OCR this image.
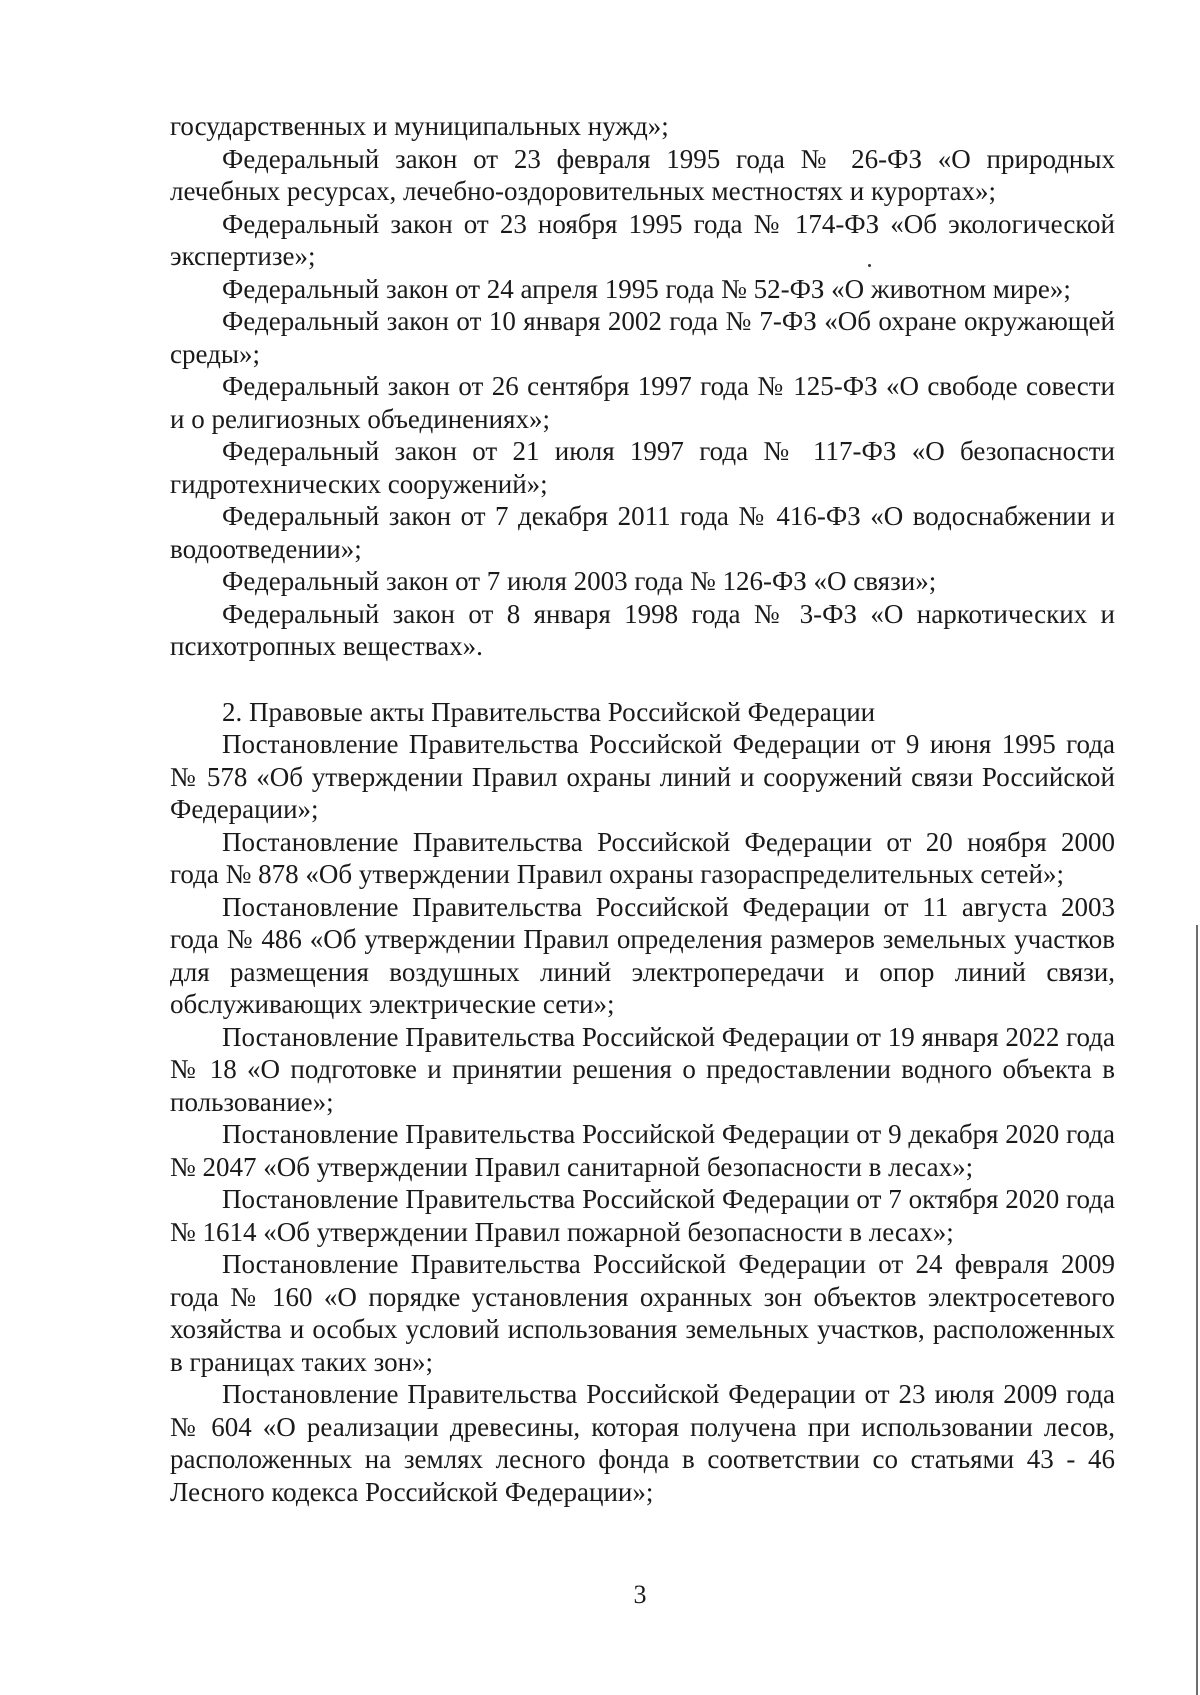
государственных и муниципальных нужд»;

Федеральный закон от 23 февраля 1995 года № 26-ФЗ «О природных лечебных ресурсах, лечебно-оздоровительных местностях и курортах»;

Федеральный закон от 23 ноября 1995 года № 174-ФЗ «Об экологической экспертизе»;

Федеральный закон от 24 апреля 1995 года № 52-ФЗ «О животном мире»;

Федеральный закон от 10 января 2002 года № 7-ФЗ «Об охране окружающей среды»;

Федеральный закон от 26 сентября 1997 года № 125-ФЗ «О свободе совести и о религиозных объединениях»;

Федеральный закон от 21 июля 1997 года № 117-ФЗ «О безопасности гидротехнических сооружений»;

Федеральный закон от 7 декабря 2011 года № 416-ФЗ «О водоснабжении и водоотведении»;

Федеральный закон от 7 июля 2003 года № 126-ФЗ «О связи»;

Федеральный закон от 8 января 1998 года № 3-ФЗ «О наркотических и психотропных веществах».

2. Правовые акты Правительства Российской Федерации

Постановление Правительства Российской Федерации от 9 июня 1995 года № 578 «Об утверждении Правил охраны линий и сооружений связи Российской Федерации»;

Постановление Правительства Российской Федерации от 20 ноября 2000 года № 878 «Об утверждении Правил охраны газораспределительных сетей»;

Постановление Правительства Российской Федерации от 11 августа 2003 года № 486 «Об утверждении Правил определения размеров земельных участков для размещения воздушных линий электропередачи и опор линий связи, обслуживающих электрические сети»;

Постановление Правительства Российской Федерации от 19 января 2022 года № 18 «О подготовке и принятии решения о предоставлении водного объекта в пользование»;

Постановление Правительства Российской Федерации от 9 декабря 2020 года № 2047 «Об утверждении Правил санитарной безопасности в лесах»;

Постановление Правительства Российской Федерации от 7 октября 2020 года № 1614 «Об утверждении Правил пожарной безопасности в лесах»;

Постановление Правительства Российской Федерации от 24 февраля 2009 года № 160 «О порядке установления охранных зон объектов электросетевого хозяйства и особых условий использования земельных участков, расположенных в границах таких зон»;

Постановление Правительства Российской Федерации от 23 июля 2009 года № 604 «О реализации древесины, которая получена при использовании лесов, расположенных на землях лесного фонда в соответствии со статьями 43 - 46 Лесного кодекса Российской Федерации»;

3
